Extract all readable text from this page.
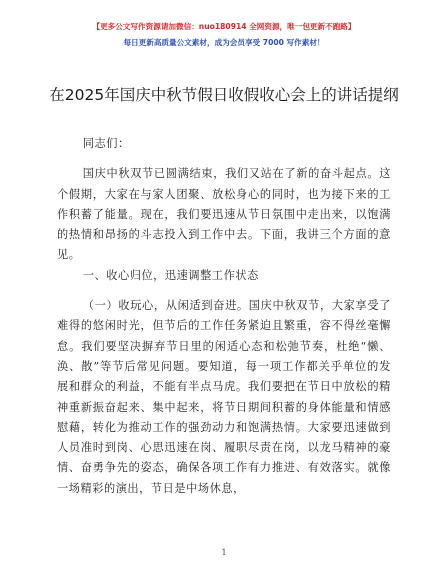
【更多公文写作资源请加微信：nuo180914 全网资源，唯一包更新不跑路】
每日更新高质量公文素材，成为会员享受 7000 写作素材！
在2025年国庆中秋节假日收假收心会上的讲话提纲

同志们：

国庆中秋双节已圆满结束，我们又站在了新的奋斗起点。这个假期，大家在与家人团聚、放松身心的同时，也为接下来的工作积蓄了能量。现在，我们要迅速从节日氛围中走出来，以饱满的热情和昂扬的斗志投入到工作中去。下面，我讲三个方面的意见。

一、收心归位，迅速调整工作状态

（一）收玩心，从闲适到奋进。国庆中秋双节，大家享受了难得的悠闲时光，但节后的工作任务紧迫且繁重，容不得丝毫懈怠。我们要坚决摒弃节日里的闲适心态和松弛节奏，杜绝“懒、涣、散”等节后常见问题。要知道，每一项工作都关乎单位的发展和群众的利益，不能有半点马虎。我们要把在节日中放松的精神重新振奋起来、集中起来，将节日期间积蓄的身体能量和情感慰藉，转化为推动工作的强劲动力和饱满热情。大家要迅速做到人员准时到岗、心思迅速在岗、履职尽责在岗，以龙马精神的豪情、奋勇争先的姿态，确保各项工作有力推进、有效落实。就像一场精彩的演出，节日是中场休息，

1
